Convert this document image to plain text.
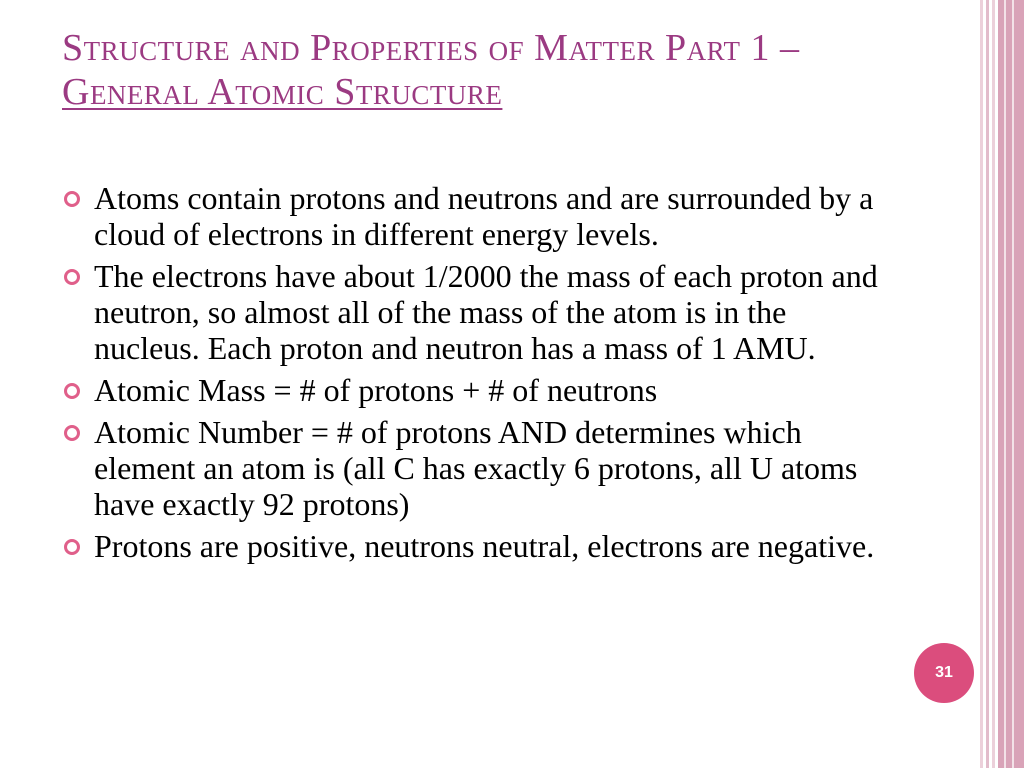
Structure and Properties of Matter Part 1 –
General Atomic Structure
Atoms contain protons and neutrons and are surrounded by a cloud of electrons in different energy levels.
The electrons have about 1/2000 the mass of each proton and neutron, so almost all of the mass of the atom is in the nucleus. Each proton and neutron has a mass of 1 AMU.
Atomic Mass = # of protons + # of neutrons
Atomic Number = # of protons AND determines which element an atom is (all C has exactly 6 protons, all U atoms have exactly 92 protons)
Protons are positive, neutrons neutral, electrons are negative.
31
